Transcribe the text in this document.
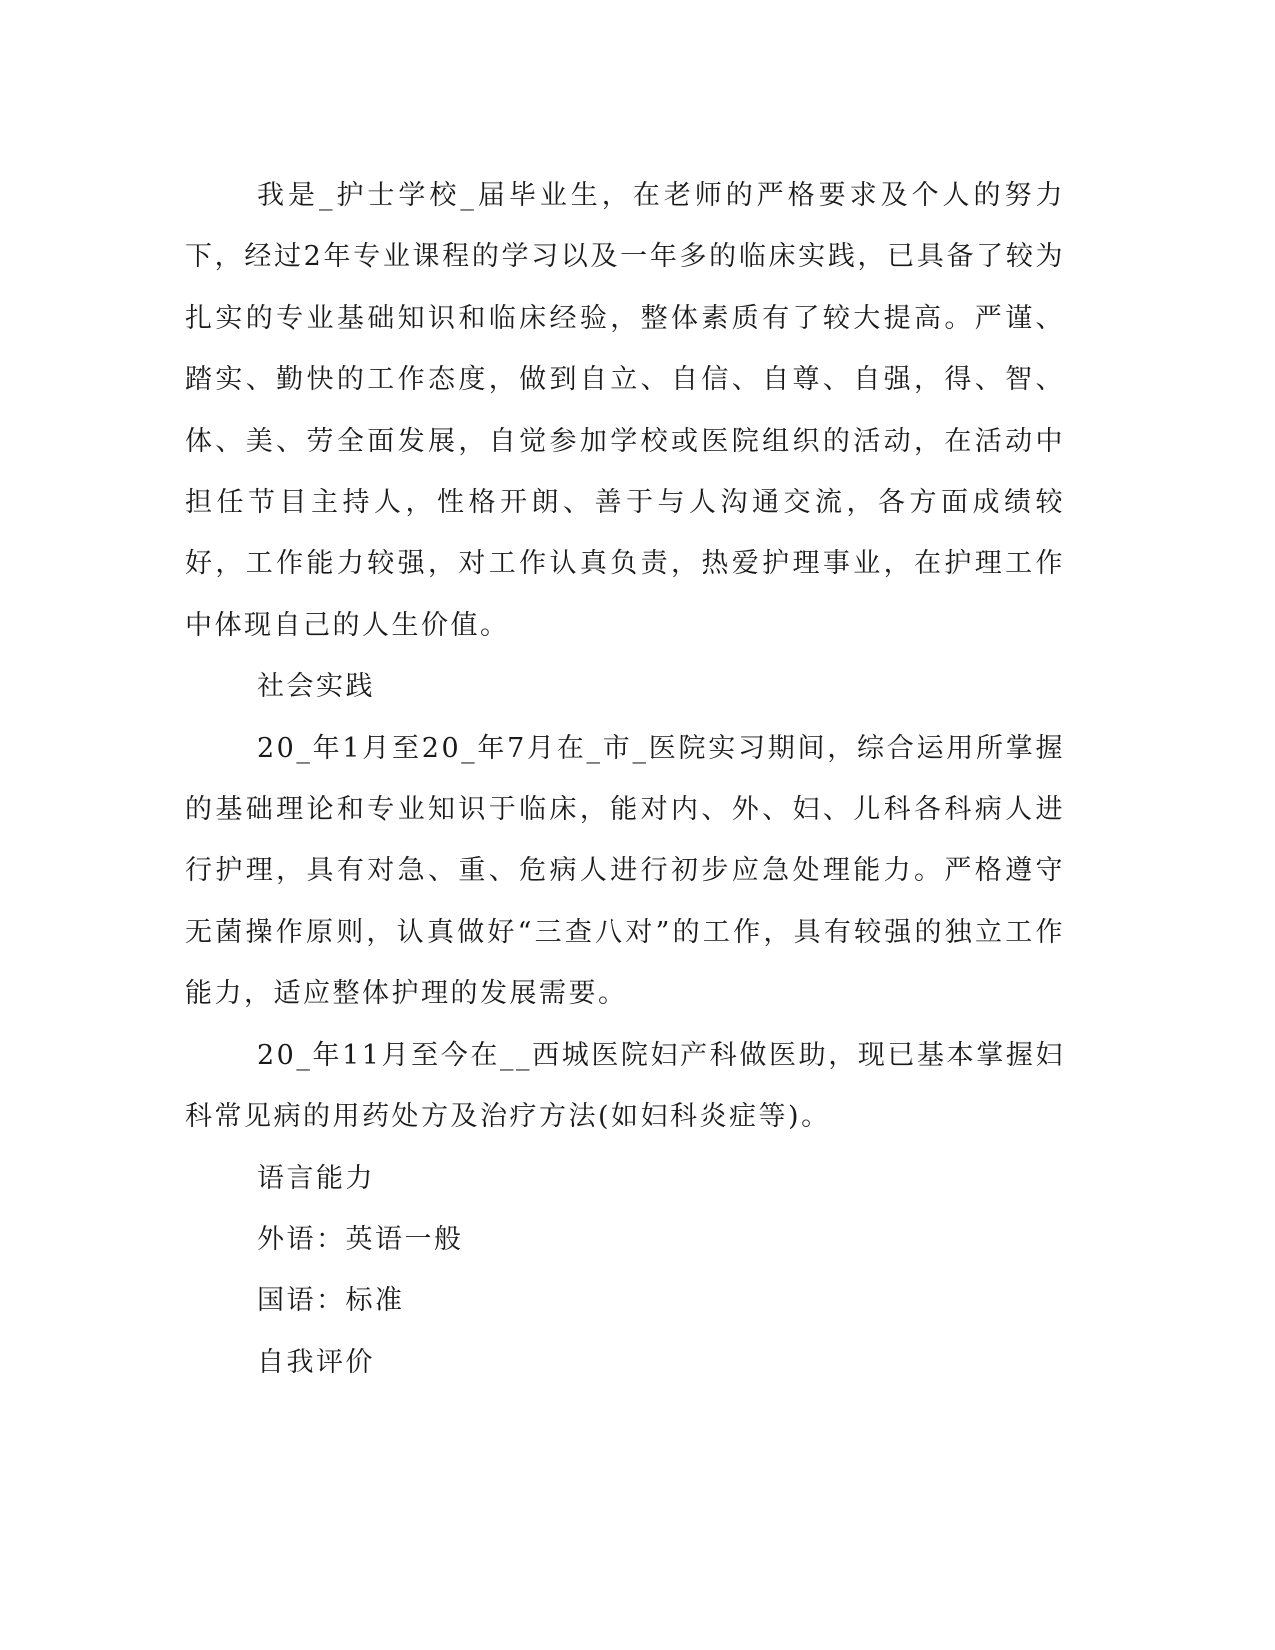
我是_护士学校_届毕业生，在老师的严格要求及个人的努力下，经过2年专业课程的学习以及一年多的临床实践，已具备了较为扎实的专业基础知识和临床经验，整体素质有了较大提高。严谨、踏实、勤快的工作态度，做到自立、自信、自尊、自强，得、智、体、美、劳全面发展，自觉参加学校或医院组织的活动，在活动中担任节目主持人，性格开朗、善于与人沟通交流，各方面成绩较好，工作能力较强，对工作认真负责，热爱护理事业，在护理工作中体现自己的人生价值。

社会实践

20_年1月至20_年7月在_市_医院实习期间，综合运用所掌握的基础理论和专业知识于临床，能对内、外、妇、儿科各科病人进行护理，具有对急、重、危病人进行初步应急处理能力。严格遵守无菌操作原则，认真做好“三查八对”的工作，具有较强的独立工作能力，适应整体护理的发展需要。

20_年11月至今在__西城医院妇产科做医助，现已基本掌握妇科常见病的用药处方及治疗方法(如妇科炎症等)。

语言能力

外语：英语一般

国语：标准

自我评价
